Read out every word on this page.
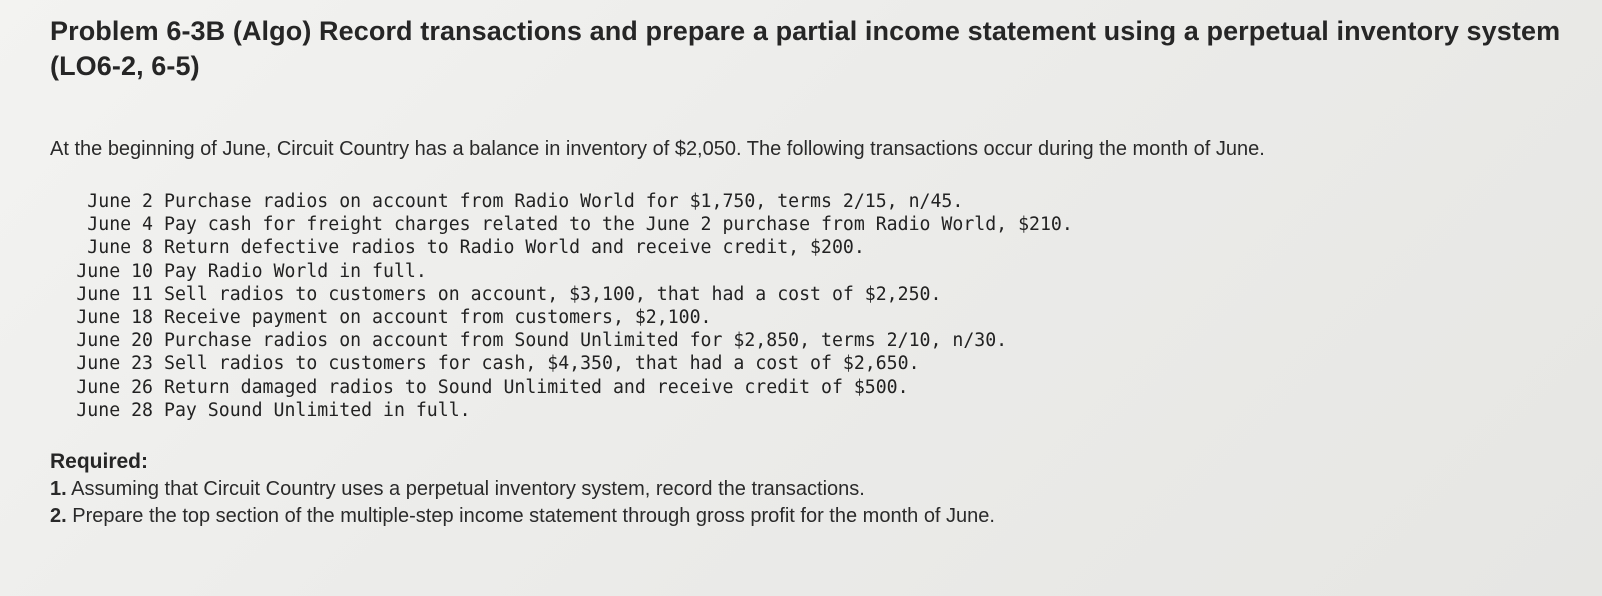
Problem 6-3B (Algo) Record transactions and prepare a partial income statement using a perpetual inventory system (LO6-2, 6-5)
At the beginning of June, Circuit Country has a balance in inventory of $2,050. The following transactions occur during the month of June.
June 2 Purchase radios on account from Radio World for $1,750, terms 2/15, n/45.
June 4 Pay cash for freight charges related to the June 2 purchase from Radio World, $210.
June 8 Return defective radios to Radio World and receive credit, $200.
June 10 Pay Radio World in full.
June 11 Sell radios to customers on account, $3,100, that had a cost of $2,250.
June 18 Receive payment on account from customers, $2,100.
June 20 Purchase radios on account from Sound Unlimited for $2,850, terms 2/10, n/30.
June 23 Sell radios to customers for cash, $4,350, that had a cost of $2,650.
June 26 Return damaged radios to Sound Unlimited and receive credit of $500.
June 28 Pay Sound Unlimited in full.
Required:
1. Assuming that Circuit Country uses a perpetual inventory system, record the transactions.
2. Prepare the top section of the multiple-step income statement through gross profit for the month of June.
